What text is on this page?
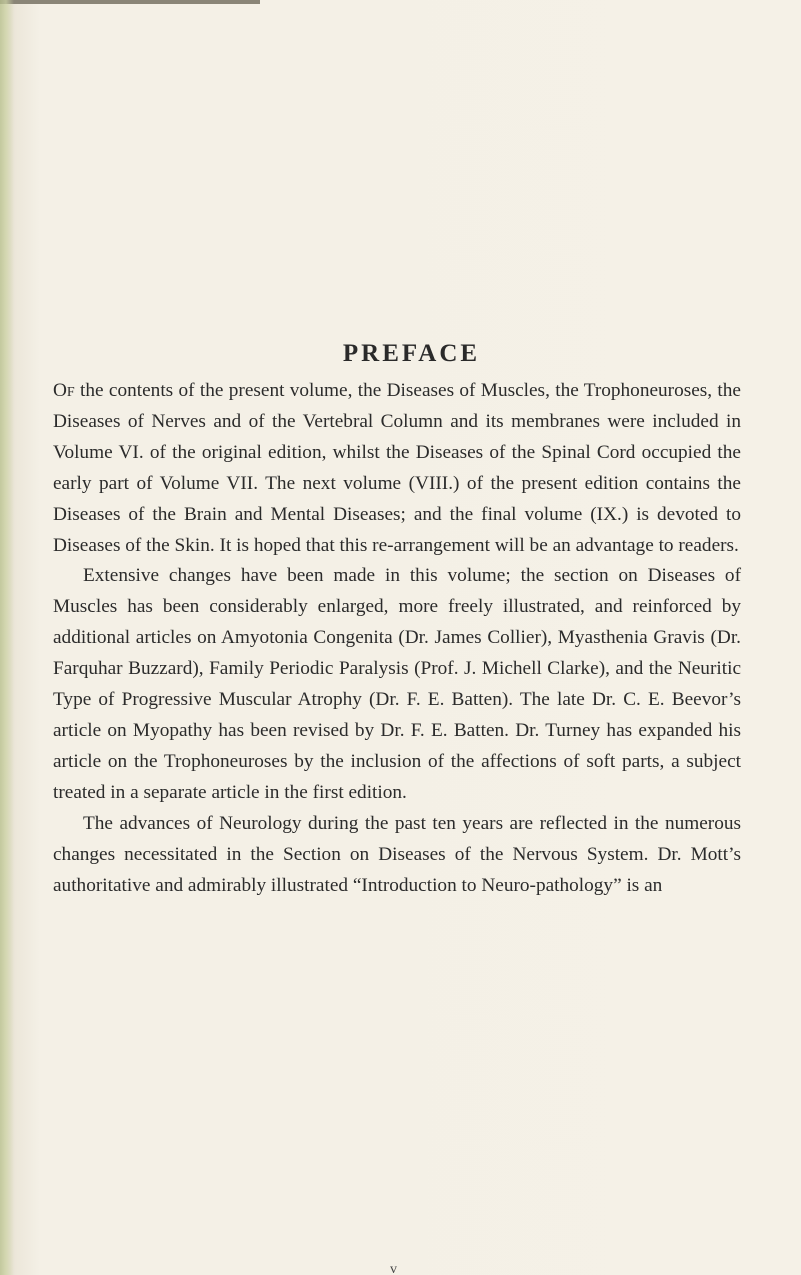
PREFACE

Of the contents of the present volume, the Diseases of Muscles, the Trophoneuroses, the Diseases of Nerves and of the Vertebral Column and its membranes were included in Volume VI. of the original edition, whilst the Diseases of the Spinal Cord occupied the early part of Volume VII. The next volume (VIII.) of the present edition contains the Diseases of the Brain and Mental Diseases; and the final volume (IX.) is devoted to Diseases of the Skin. It is hoped that this re-arrangement will be an advantage to readers.

Extensive changes have been made in this volume; the section on Diseases of Muscles has been considerably enlarged, more freely illustrated, and reinforced by additional articles on Amyotonia Congenita (Dr. James Collier), Myasthenia Gravis (Dr. Farquhar Buzzard), Family Periodic Paralysis (Prof. J. Michell Clarke), and the Neuritic Type of Progressive Muscular Atrophy (Dr. F. E. Batten). The late Dr. C. E. Beevor’s article on Myopathy has been revised by Dr. F. E. Batten. Dr. Turney has expanded his article on the Trophoneuroses by the inclusion of the affections of soft parts, a subject treated in a separate article in the first edition.

The advances of Neurology during the past ten years are reflected in the numerous changes necessitated in the Section on Diseases of the Nervous System. Dr. Mott’s authoritative and admirably illustrated “Introduction to Neuro-pathology” is an

v
